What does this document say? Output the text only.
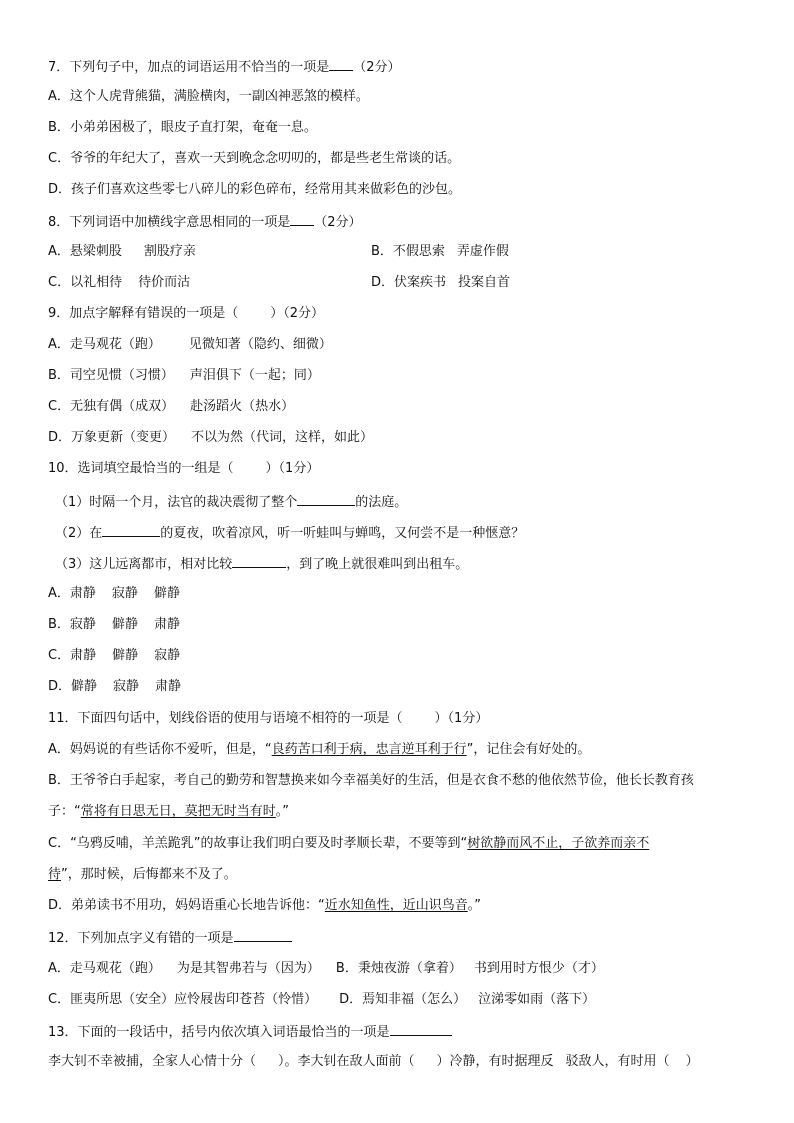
7．下列句子中，加点的词语运用不恰当的一项是 （2分）
A．这个人虎背熊猫，满脸横肉，一副凶神恶煞的模样。
B．小弟弟困极了，眼皮子直打架，奄奄一息。
C．爷爷的年纪大了，喜欢一天到晚念念叨叨的，都是些老生常谈的话。
D．孩子们喜欢这些零七八碎儿的彩色碎布，经常用其来做彩色的沙包。
8．下列词语中加横线字意思相同的一项是 （2分）
A．悬梁刺股 割股疗亲	B．不假思索 弄虚作假
C．以礼相待 待价而沽	D．伏案疾书 投案自首
9．加点字解释有错误的一项是（ ）（2分）
A．走马观花（跑） 见微知著（隐约、细微）
B．司空见惯（习惯） 声泪俱下（一起；同）
C．无独有偶（成双） 赴汤蹈火（热水）
D．万象更新（变更） 不以为然（代词，这样，如此）
10．选词填空最恰当的一组是（ ）（1分）
（1）时隔一个月，法官的裁决震彻了整个	的法庭。
（2）在	的夏夜，吹着凉风，听一听蛙叫与蝉鸣，又何尝不是一种惬意？
（3）这儿远离都市，相对比较	，到了晚上就很难叫到出租车。
A．肃静 寂静 僻静
B．寂静 僻静 肃静
C．肃静 僻静 寂静
D．僻静 寂静 肃静
11．下面四句话中，划线俗语的使用与语境不相符的一项是（ ）（1分）
A．妈妈说的有些话你不爱听，但是，“良药苦口利于病，忠言逆耳利于行”，记住会有好处的。
B．王爷爷白手起家，考自己的勤劳和智慧换来如今幸福美好的生活，但是衣食不愁的他依然节俭，他长长教育孩
子：“常将有日思无日，莫把无时当有时。”
C．“乌鸦反哺，羊羔跪乳”的故事让我们明白要及时孝顺长辈，不要等到“树欲静而风不止，子欲养而亲不
待”，那时候，后悔都来不及了。
D．弟弟读书不用功，妈妈语重心长地告诉他：“近水知鱼性，近山识鸟音。”
12．下列加点字义有错的一项是
A．走马观花（跑） 为是其智弗若与（因为） B．秉烛夜游（拿着） 书到用时方恨少（才）
C．匪夷所思（安全）应怜屐齿印苍苔（怜惜） D．焉知非福（怎么） 泣涕零如雨（落下）
13．下面的一段话中，括号内依次填入词语最恰当的一项是
李大钊不幸被捕，全家人心情十分（ ）。李大钊在敌人面前（ ）冷静，有时据理反 驳敌人，有时用（ ）
